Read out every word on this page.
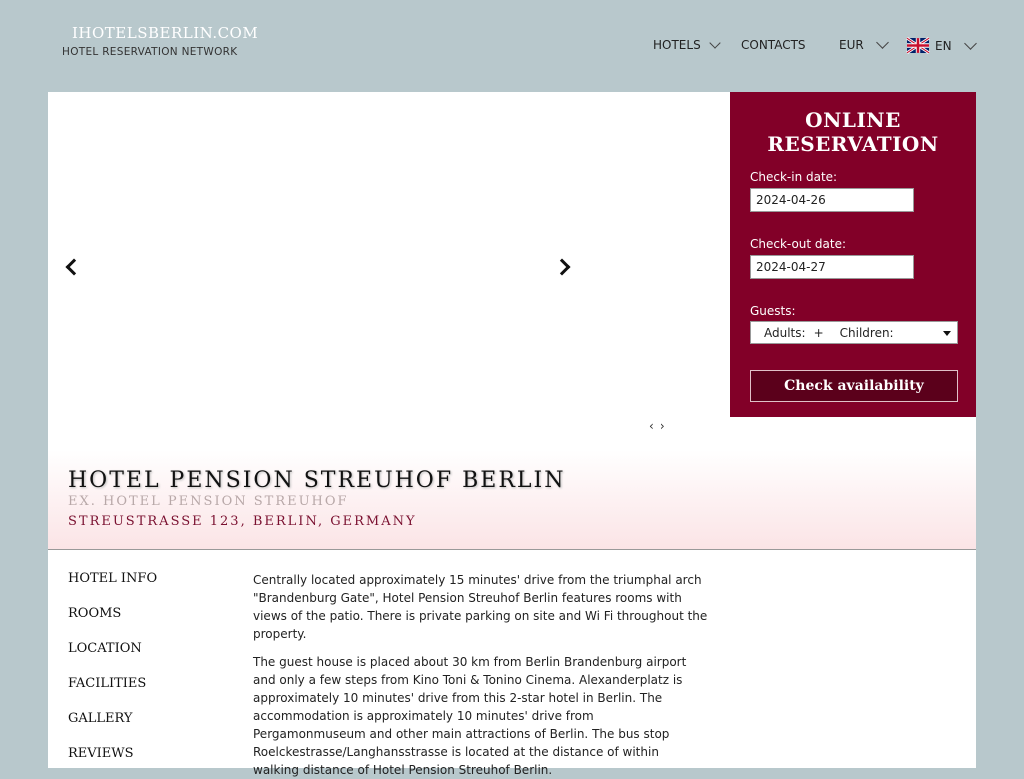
IHOTELSBERLIN.COM
HOTEL RESERVATION NETWORK	HOTELS	CONTACTS	EUR	EN
‹›
ONLINE
RESERVATION
Check-in date:
2024-04-26
Check-out date:
2024-04-27
Guests:
Adults: + Children:
Check availability
HOTEL PENSION STREUHOF BERLIN
EX. HOTEL PENSION STREUHOF
STREUSTRASSE 123, BERLIN, GERMANY
HOTEL INFO
ROOMS
LOCATION
FACILITIES
GALLERY
REVIEWS
Centrally located approximately 15 minutes' drive from the triumphal arch "Brandenburg Gate", Hotel Pension Streuhof Berlin features rooms with views of the patio. There is private parking on site and Wi Fi throughout the property.
The guest house is placed about 30 km from Berlin Brandenburg airport and only a few steps from Kino Toni & Tonino Cinema. Alexanderplatz is approximately 10 minutes' drive from this 2-star hotel in Berlin. The accommodation is approximately 10 minutes' drive from Pergamonmuseum and other main attractions of Berlin. The bus stop Roelckestrasse/Langhansstrasse is located at the distance of within walking distance of Hotel Pension Streuhof Berlin.
